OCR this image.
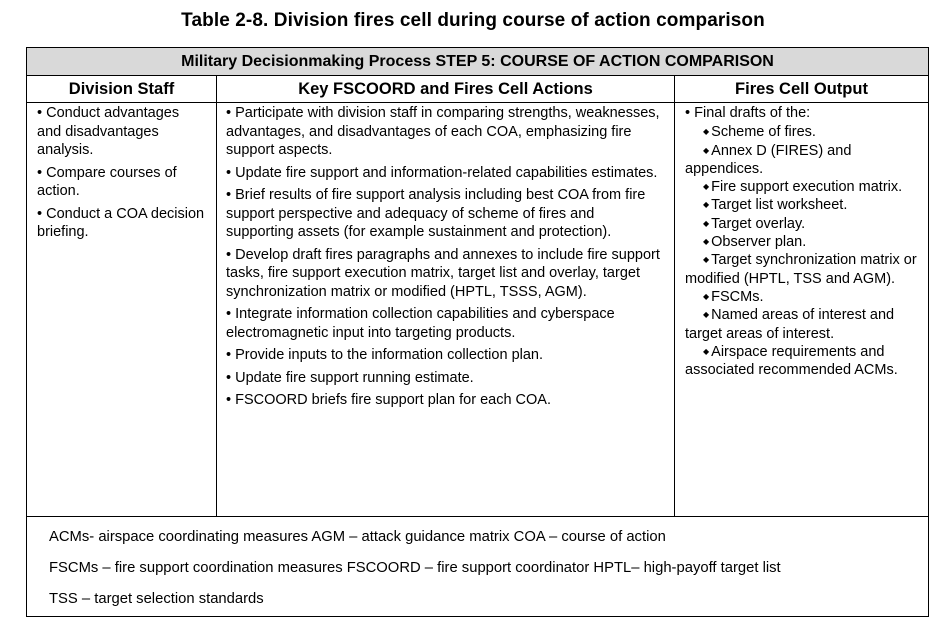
Table 2-8. Division fires cell during course of action comparison
Military Decisionmaking Process STEP 5: COURSE OF ACTION COMPARISON
Division Staff	Key FSCOORD and Fires Cell Actions	Fires Cell Output
• Conduct advantages and disadvantages analysis.
• Compare courses of action.
• Conduct a COA decision briefing.
• Participate with division staff in comparing strengths, weaknesses, advantages, and disadvantages of each COA, emphasizing fire support aspects.
• Update fire support and information-related capabilities estimates.
• Brief results of fire support analysis including best COA from fire support perspective and adequacy of scheme of fires and supporting assets (for example sustainment and protection).
• Develop draft fires paragraphs and annexes to include fire support tasks, fire support execution matrix, target list and overlay, target synchronization matrix or modified (HPTL, TSSS, AGM).
• Integrate information collection capabilities and cyberspace electromagnetic input into targeting products.
• Provide inputs to the information collection plan.
• Update fire support running estimate.
• FSCOORD briefs fire support plan for each COA.
• Final drafts of the:
◆ Scheme of fires.
◆ Annex D (FIRES) and appendices.
◆ Fire support execution matrix.
◆ Target list worksheet.
◆ Target overlay.
◆ Observer plan.
◆ Target synchronization matrix or modified (HPTL, TSS and AGM).
◆ FSCMs.
◆ Named areas of interest and target areas of interest.
◆ Airspace requirements and associated recommended ACMs.
ACMs- airspace coordinating measures AGM – attack guidance matrix COA – course of action
FSCMs – fire support coordination measures FSCOORD – fire support coordinator HPTL– high-payoff target list
TSS – target selection standards
